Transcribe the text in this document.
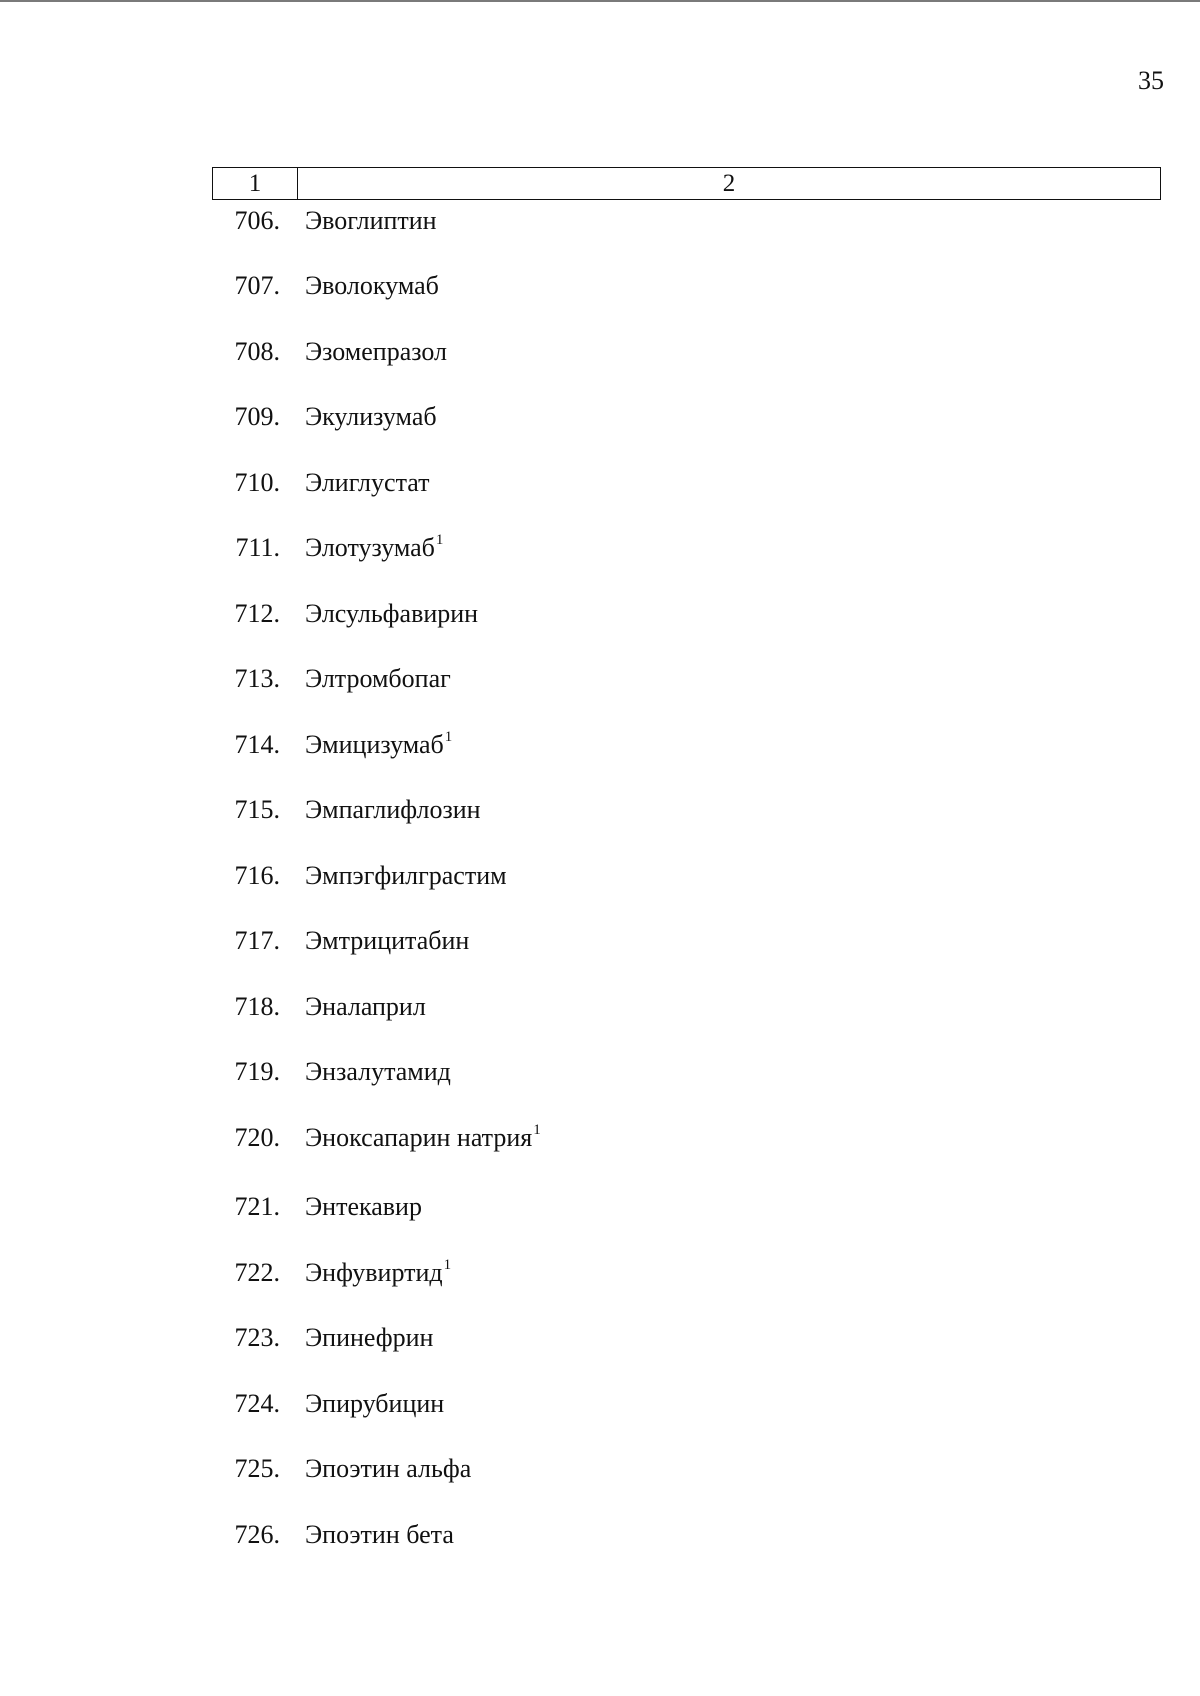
35
1	2
706. Эвоглиптин
707. Эволокумаб
708. Эзомепразол
709. Экулизумаб
710. Элиглустат
711. Элотузумаб$^1$
712. Элсульфавирин
713. Элтромбопаг
714. Эмицизумаб$^1$
715. Эмпаглифлозин
716. Эмпэгфилграстим
717. Эмтрицитабин
718. Эналаприл
719. Энзалутамид
720. Эноксапарин натрия$^1$
721. Энтекавир
722. Энфувиртид$^1$
723. Эпинефрин
724. Эпирубицин
725. Эпоэтин альфа
726. Эпоэтин бета
